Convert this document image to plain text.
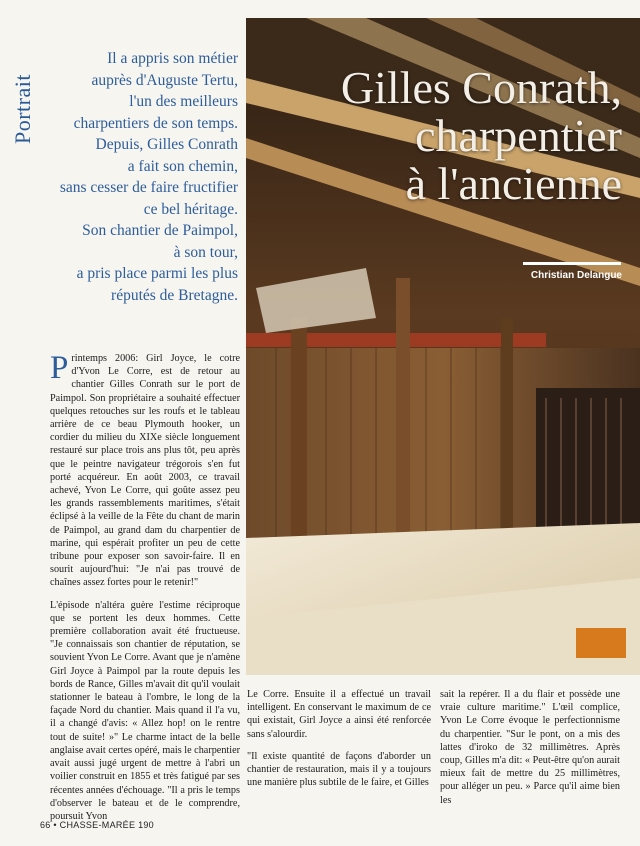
Portrait

Il a appris son métier

auprès d'Auguste Tertu,

l'un des meilleurs

charpentiers de son temps.

Depuis, Gilles Conrath

a fait son chemin,

sans cesser de faire fructifier

ce bel héritage.

Son chantier de Paimpol,

à son tour,

a pris place parmi les plus

réputés de Bretagne.

Gilles Conrath,
charpentier
à l'ancienne
Christian Delangue

Printemps 2006: Girl Joyce, le cotre d'Yvon Le Corre, est de retour au chantier Gilles Conrath sur le port de Paimpol. Son propriétaire a souhaité effectuer quelques retouches sur les roufs et le tableau arrière de ce beau Plymouth hooker, un cordier du milieu du XIXe siècle longuement restauré sur place trois ans plus tôt, peu après que le peintre navigateur trégorois s'en fut porté acquéreur. En août 2003, ce travail achevé, Yvon Le Corre, qui goûte assez peu les grands rassemblements maritimes, s'était éclipsé à la veille de la Fête du chant de marin de Paimpol, au grand dam du charpentier de marine, qui espérait profiter un peu de cette tribune pour exposer son savoir-faire. Il en sourit aujourd'hui: "Je n'ai pas trouvé de chaînes assez fortes pour le retenir!"

L'épisode n'altéra guère l'estime réciproque que se portent les deux hommes. Cette première collaboration avait été fructueuse. "Je connaissais son chantier de réputation, se souvient Yvon Le Corre. Avant que je n'amène Girl Joyce à Paimpol par la route depuis les bords de Rance, Gilles m'avait dit qu'il voulait stationner le bateau à l'ombre, le long de la façade Nord du chantier. Mais quand il l'a vu, il a changé d'avis: « Allez hop! on le rentre tout de suite! »" Le charme intact de la belle anglaise avait certes opéré, mais le charpentier avait aussi jugé urgent de mettre à l'abri un voilier construit en 1855 et très fatigué par ses récentes années d'échouage. "Il a pris le temps d'observer le bateau et de le comprendre, poursuit Yvon

Le Corre. Ensuite il a effectué un travail intelligent. En conservant le maximum de ce qui existait, Girl Joyce a ainsi été renforcée sans s'alourdir.

"Il existe quantité de façons d'aborder un chantier de restauration, mais il y a toujours une manière plus subtile de le faire, et Gilles

sait la repérer. Il a du flair et possède une vraie culture maritime." L'œil complice, Yvon Le Corre évoque le perfectionnisme du charpentier. "Sur le pont, on a mis des lattes d'iroko de 32 millimètres. Après coup, Gilles m'a dit: « Peut-être qu'on aurait mieux fait de mettre du 25 millimètres, pour alléger un peu. » Parce qu'il aime bien les

66 • CHASSE-MARÉE 190
